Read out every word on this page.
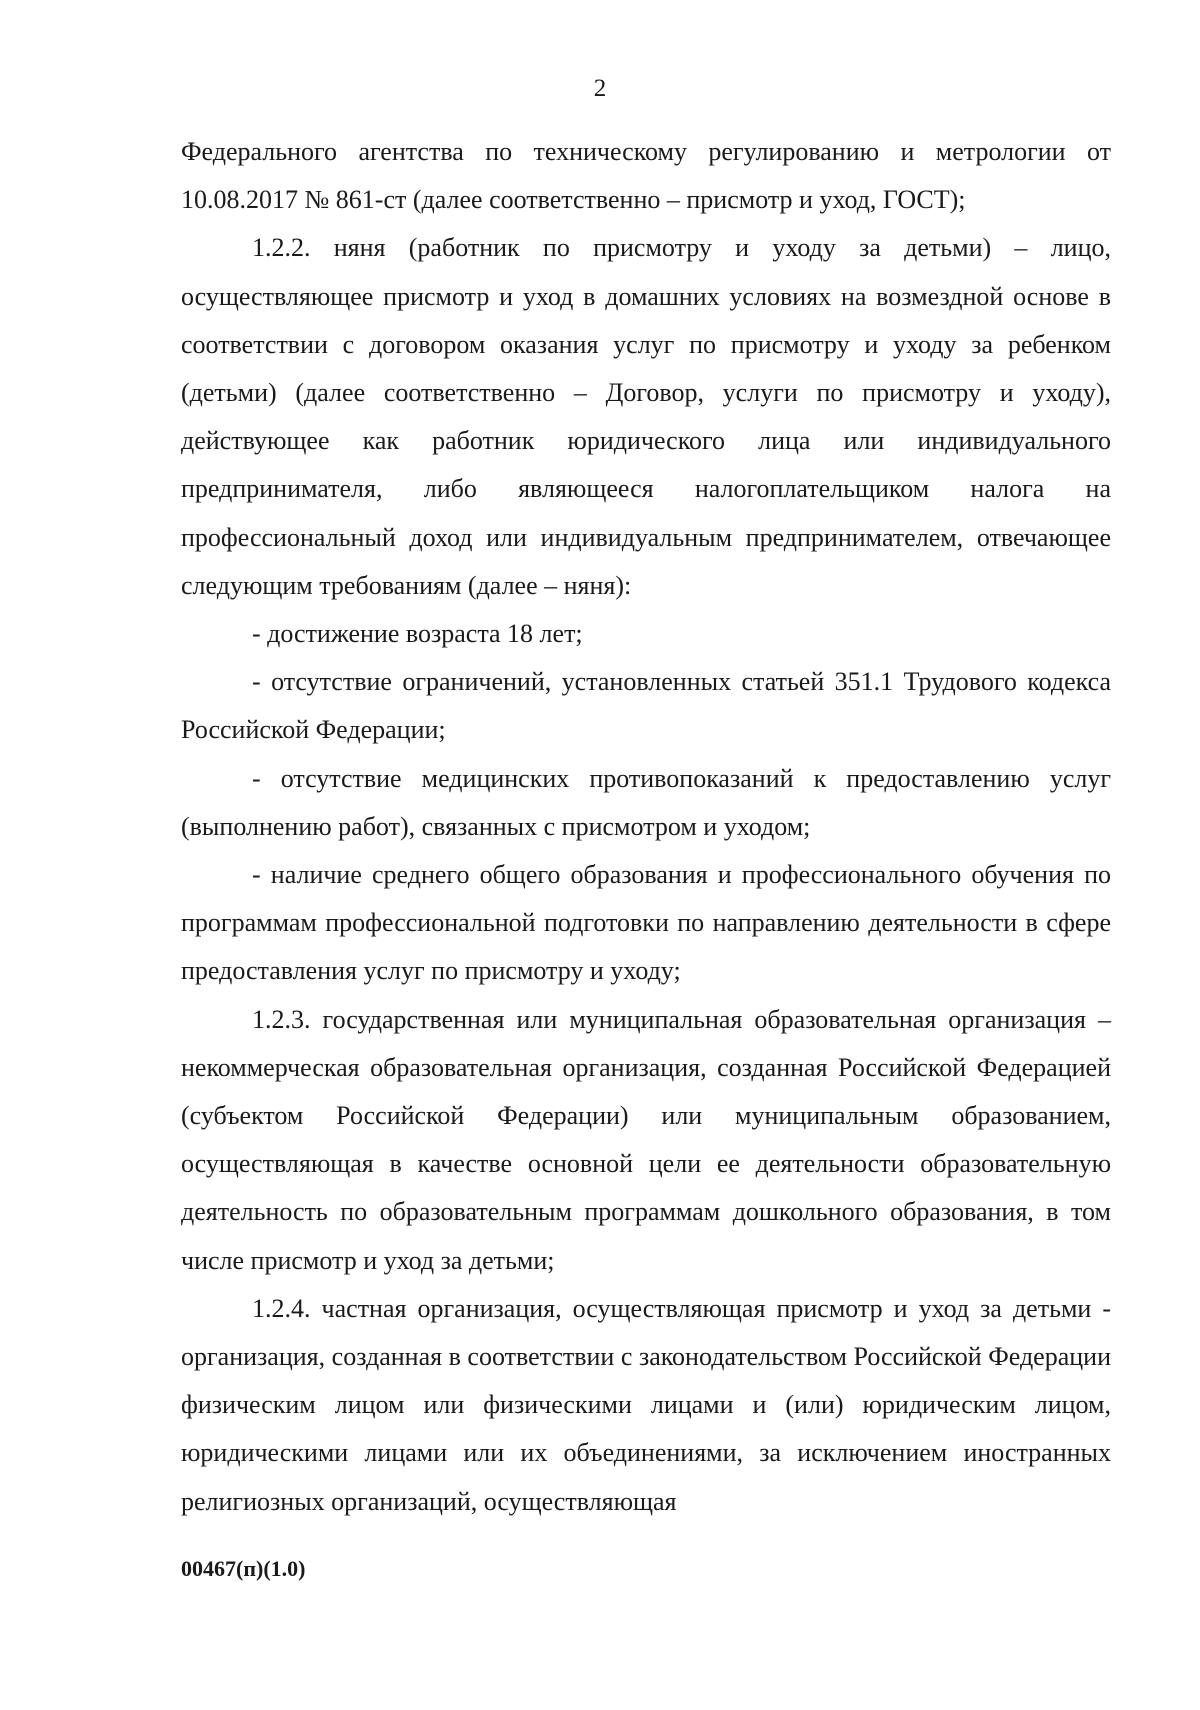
2

Федерального агентства по техническому регулированию и метрологии от 10.08.2017 № 861-ст (далее соответственно – присмотр и уход, ГОСТ);

1.2.2. няня (работник по присмотру и уходу за детьми) – лицо, осуществляющее присмотр и уход в домашних условиях на возмездной основе в соответствии с договором оказания услуг по присмотру и уходу за ребенком (детьми) (далее соответственно – Договор, услуги по присмотру и уходу), действующее как работник юридического лица или индивидуального предпринимателя, либо являющееся налогоплательщиком налога на профессиональный доход или индивидуальным предпринимателем, отвечающее следующим требованиям (далее – няня):

- достижение возраста 18 лет;

- отсутствие ограничений, установленных статьей 351.1 Трудового кодекса Российской Федерации;

- отсутствие медицинских противопоказаний к предоставлению услуг (выполнению работ), связанных с присмотром и уходом;

- наличие среднего общего образования и профессионального обучения по программам профессиональной подготовки по направлению деятельности в сфере предоставления услуг по присмотру и уходу;

1.2.3. государственная или муниципальная образовательная организация – некоммерческая образовательная организация, созданная Российской Федерацией (субъектом Российской Федерации) или муниципальным образованием, осуществляющая в качестве основной цели ее деятельности образовательную деятельность по образовательным программам дошкольного образования, в том числе присмотр и уход за детьми;

1.2.4. частная организация, осуществляющая присмотр и уход за детьми - организация, созданная в соответствии с законодательством Российской Федерации физическим лицом или физическими лицами и (или) юридическим лицом, юридическими лицами или их объединениями, за исключением иностранных религиозных организаций, осуществляющая

00467(п)(1.0)
